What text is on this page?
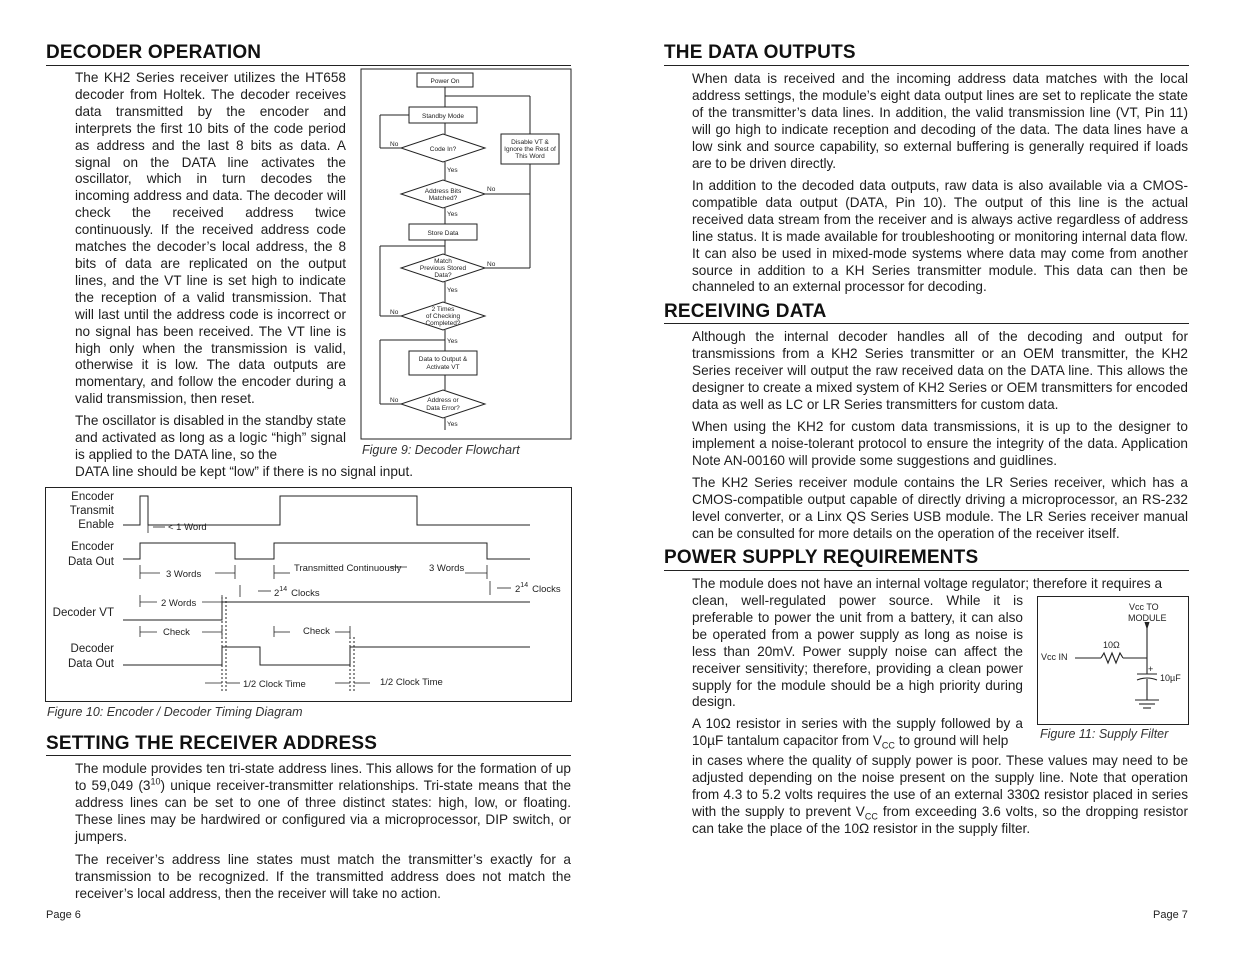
DECODER OPERATION

The KH2 Series receiver utilizes the HT658 decoder from Holtek. The decoder receives data transmitted by the encoder and interprets the first 10 bits of the code period as address and the last 8 bits as data. A signal on the DATA line activates the oscillator, which in turn decodes the incoming address and data. The decoder will check the received address twice continuously. If the received address code matches the decoder’s local address, the 8 bits of data are replicated on the output lines, and the VT line is set high to indicate the reception of a valid transmission. That will last until the address code is incorrect or no signal has been received. The VT line is high only when the transmission is valid, otherwise it is low. The data outputs are momentary, and follow the encoder during a valid transmission, then reset.

The oscillator is disabled in the standby state and activated as long as a logic “high” signal is applied to the DATA line, so the

DATA line should be kept “low” if there is no signal input.

Power On
Standby Mode
Code In?
Disable VT &
Ignore the Rest of
This Word
Address Bits
Matched?
Store Data
Match
Previous Stored
Data?
2 Times
of Checking
Completed?
Data to Output &
Activate VT
Address or
Data Error?
Yes
Yes
Yes
Yes
Yes
No
No
No
No
No
Figure 9: Decoder Flowchart
Encoder
Transmit
Enable
Encoder
Data Out
Decoder VT
Decoder
Data Out
< 1 Word
3 Words
Transmitted Continuously	3 Words
$2^{14}$ Clocks	$2^{14}$ Clocks
2 Words
Check	Check
1/2 Clock Time	1/2 Clock Time
Figure 10: Encoder / Decoder Timing Diagram
SETTING THE RECEIVER ADDRESS

The module provides ten tri-state address lines. This allows for the formation of up to 59,049 $(3^{10})$ unique receiver-transmitter relationships. Tri-state means that the address lines can be set to one of three distinct states: high, low, or floating. These lines may be hardwired or configured via a microprocessor, DIP switch, or jumpers.

The receiver’s address line states must match the transmitter’s exactly for a transmission to be recognized. If the transmitted address does not match the receiver’s local address, then the receiver will take no action.

Page 6
THE DATA OUTPUTS

When data is received and the incoming address data matches with the local address settings, the module’s eight data output lines are set to replicate the state of the transmitter’s data lines. In addition, the valid transmission line (VT, Pin 11) will go high to indicate reception and decoding of the data. The data lines have a low sink and source capability, so external buffering is generally required if loads are to be driven directly.

In addition to the decoded data outputs, raw data is also available via a CMOS-compatible data output (DATA, Pin 10). The output of this line is the actual received data stream from the receiver and is always active regardless of address line status. It is made available for troubleshooting or monitoring internal data flow. It can also be used in mixed-mode systems where data may come from another source in addition to a KH Series transmitter module. This data can then be channeled to an external processor for decoding.

RECEIVING DATA

Although the internal decoder handles all of the decoding and output for transmissions from a KH2 Series transmitter or an OEM transmitter, the KH2 Series receiver will output the raw received data on the DATA line. This allows the designer to create a mixed system of KH2 Series or OEM transmitters for encoded data as well as LC or LR Series transmitters for custom data.

When using the KH2 for custom data transmissions, it is up to the designer to implement a noise-tolerant protocol to ensure the integrity of the data. Application Note AN-00160 will provide some suggestions and guidlines.

The KH2 Series receiver module contains the LR Series receiver, which has a CMOS-compatible output capable of directly driving a microprocessor, an RS-232 level converter, or a Linx QS Series USB module. The LR Series receiver manual can be consulted for more details on the operation of the receiver itself.

POWER SUPPLY REQUIREMENTS

The module does not have an internal voltage regulator; therefore it requires a

clean, well-regulated power source. While it is preferable to power the unit from a battery, it can also be operated from a power supply as long as noise is less than 20mV. Power supply noise can affect the receiver sensitivity; therefore, providing a clean power supply for the module should be a high priority during design.

A 10Ω resistor in series with the supply followed by a 10µF tantalum capacitor from $V_{CC}$ to ground will help

in cases where the quality of supply power is poor. These values may need to be adjusted depending on the noise present on the supply line. Note that operation from 4.3 to 5.2 volts requires the use of an external 330Ω resistor placed in series with the supply to prevent $V_{CC}$ from exceeding 3.6 volts, so the dropping resistor can take the place of the 10Ω resistor in the supply filter.

Vcc TO
MODULE
10Ω
Vcc IN
+
10µF
Figure 11: Supply Filter
Page 7
